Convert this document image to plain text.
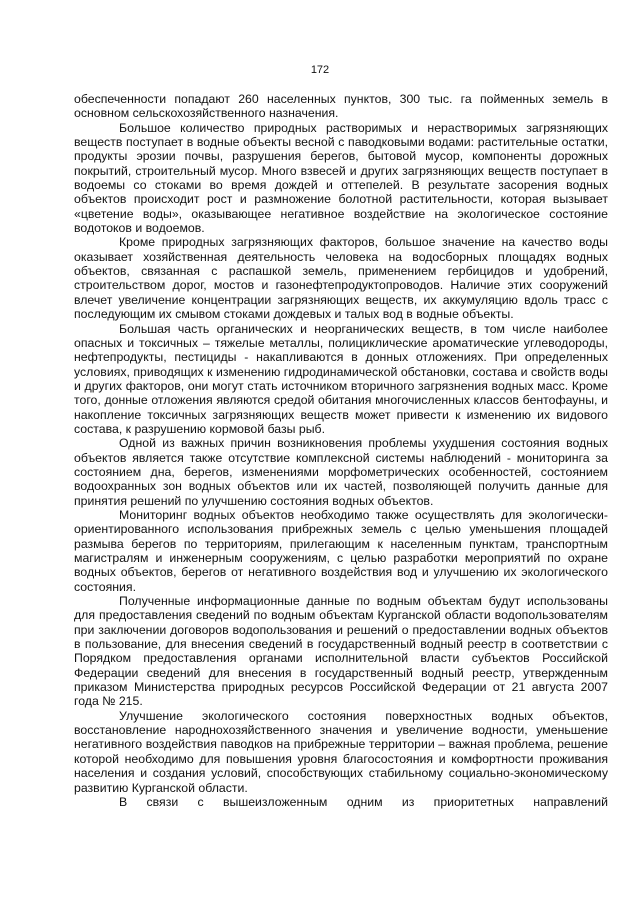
172

обеспеченности попадают 260 населенных пунктов, 300 тыс. га пойменных земель в основном сельскохозяйственного назначения.

Большое количество природных растворимых и нерастворимых загрязняющих веществ поступает в водные объекты весной с паводковыми водами: растительные остатки, продукты эрозии почвы, разрушения берегов, бытовой мусор, компоненты дорожных покрытий, строительный мусор. Много взвесей и других загрязняющих веществ поступает в водоемы со стоками во время дождей и оттепелей. В результате засорения водных объектов происходит рост и размножение болотной растительности, которая вызывает «цветение воды», оказывающее негативное воздействие на экологическое состояние водотоков и водоемов.

Кроме природных загрязняющих факторов, большое значение на качество воды оказывает хозяйственная деятельность человека на водосборных площадях водных объектов, связанная с распашкой земель, применением гербицидов и удобрений, строительством дорог, мостов и газонефтепродуктопроводов. Наличие этих сооружений влечет увеличение концентрации загрязняющих веществ, их аккумуляцию вдоль трасс с последующим их смывом стоками дождевых и талых вод в водные объекты.

Большая часть органических и неорганических веществ, в том числе наиболее опасных и токсичных – тяжелые металлы, полициклические ароматические углеводороды, нефтепродукты, пестициды - накапливаются в донных отложениях. При определенных условиях, приводящих к изменению гидродинамической обстановки, состава и свойств воды и других факторов, они могут стать источником вторичного загрязнения водных масс. Кроме того, донные отложения являются средой обитания многочисленных классов бентофауны, и накопление токсичных загрязняющих веществ может привести к изменению их видового состава, к разрушению кормовой базы рыб.

Одной из важных причин возникновения проблемы ухудшения состояния водных объектов является также отсутствие комплексной системы наблюдений - мониторинга за состоянием дна, берегов, изменениями морфометрических особенностей, состоянием водоохранных зон водных объектов или их частей, позволяющей получить данные для принятия решений по улучшению состояния водных объектов.

Мониторинг водных объектов необходимо также осуществлять для экологически-ориентированного использования прибрежных земель с целью уменьшения площадей размыва берегов по территориям, прилегающим к населенным пунктам, транспортным магистралям и инженерным сооружениям, с целью разработки мероприятий по охране водных объектов, берегов от негативного воздействия вод и улучшению их экологического состояния.

Полученные информационные данные по водным объектам будут использованы для предоставления сведений по водным объектам Курганской области водопользователям при заключении договоров водопользования и решений о предоставлении водных объектов в пользование, для внесения сведений в государственный водный реестр в соответствии с Порядком предоставления органами исполнительной власти субъектов Российской Федерации сведений для внесения в государственный водный реестр, утвержденным приказом Министерства природных ресурсов Российской Федерации от 21 августа 2007 года № 215.

Улучшение экологического состояния поверхностных водных объектов, восстановление народнохозяйственного значения и увеличение водности, уменьшение негативного воздействия паводков на прибрежные территории – важная проблема, решение которой необходимо для повышения уровня благосостояния и комфортности проживания населения и создания условий, способствующих стабильному социально-экономическому развитию Курганской области.

В связи с вышеизложенным одним из приоритетных направлений
